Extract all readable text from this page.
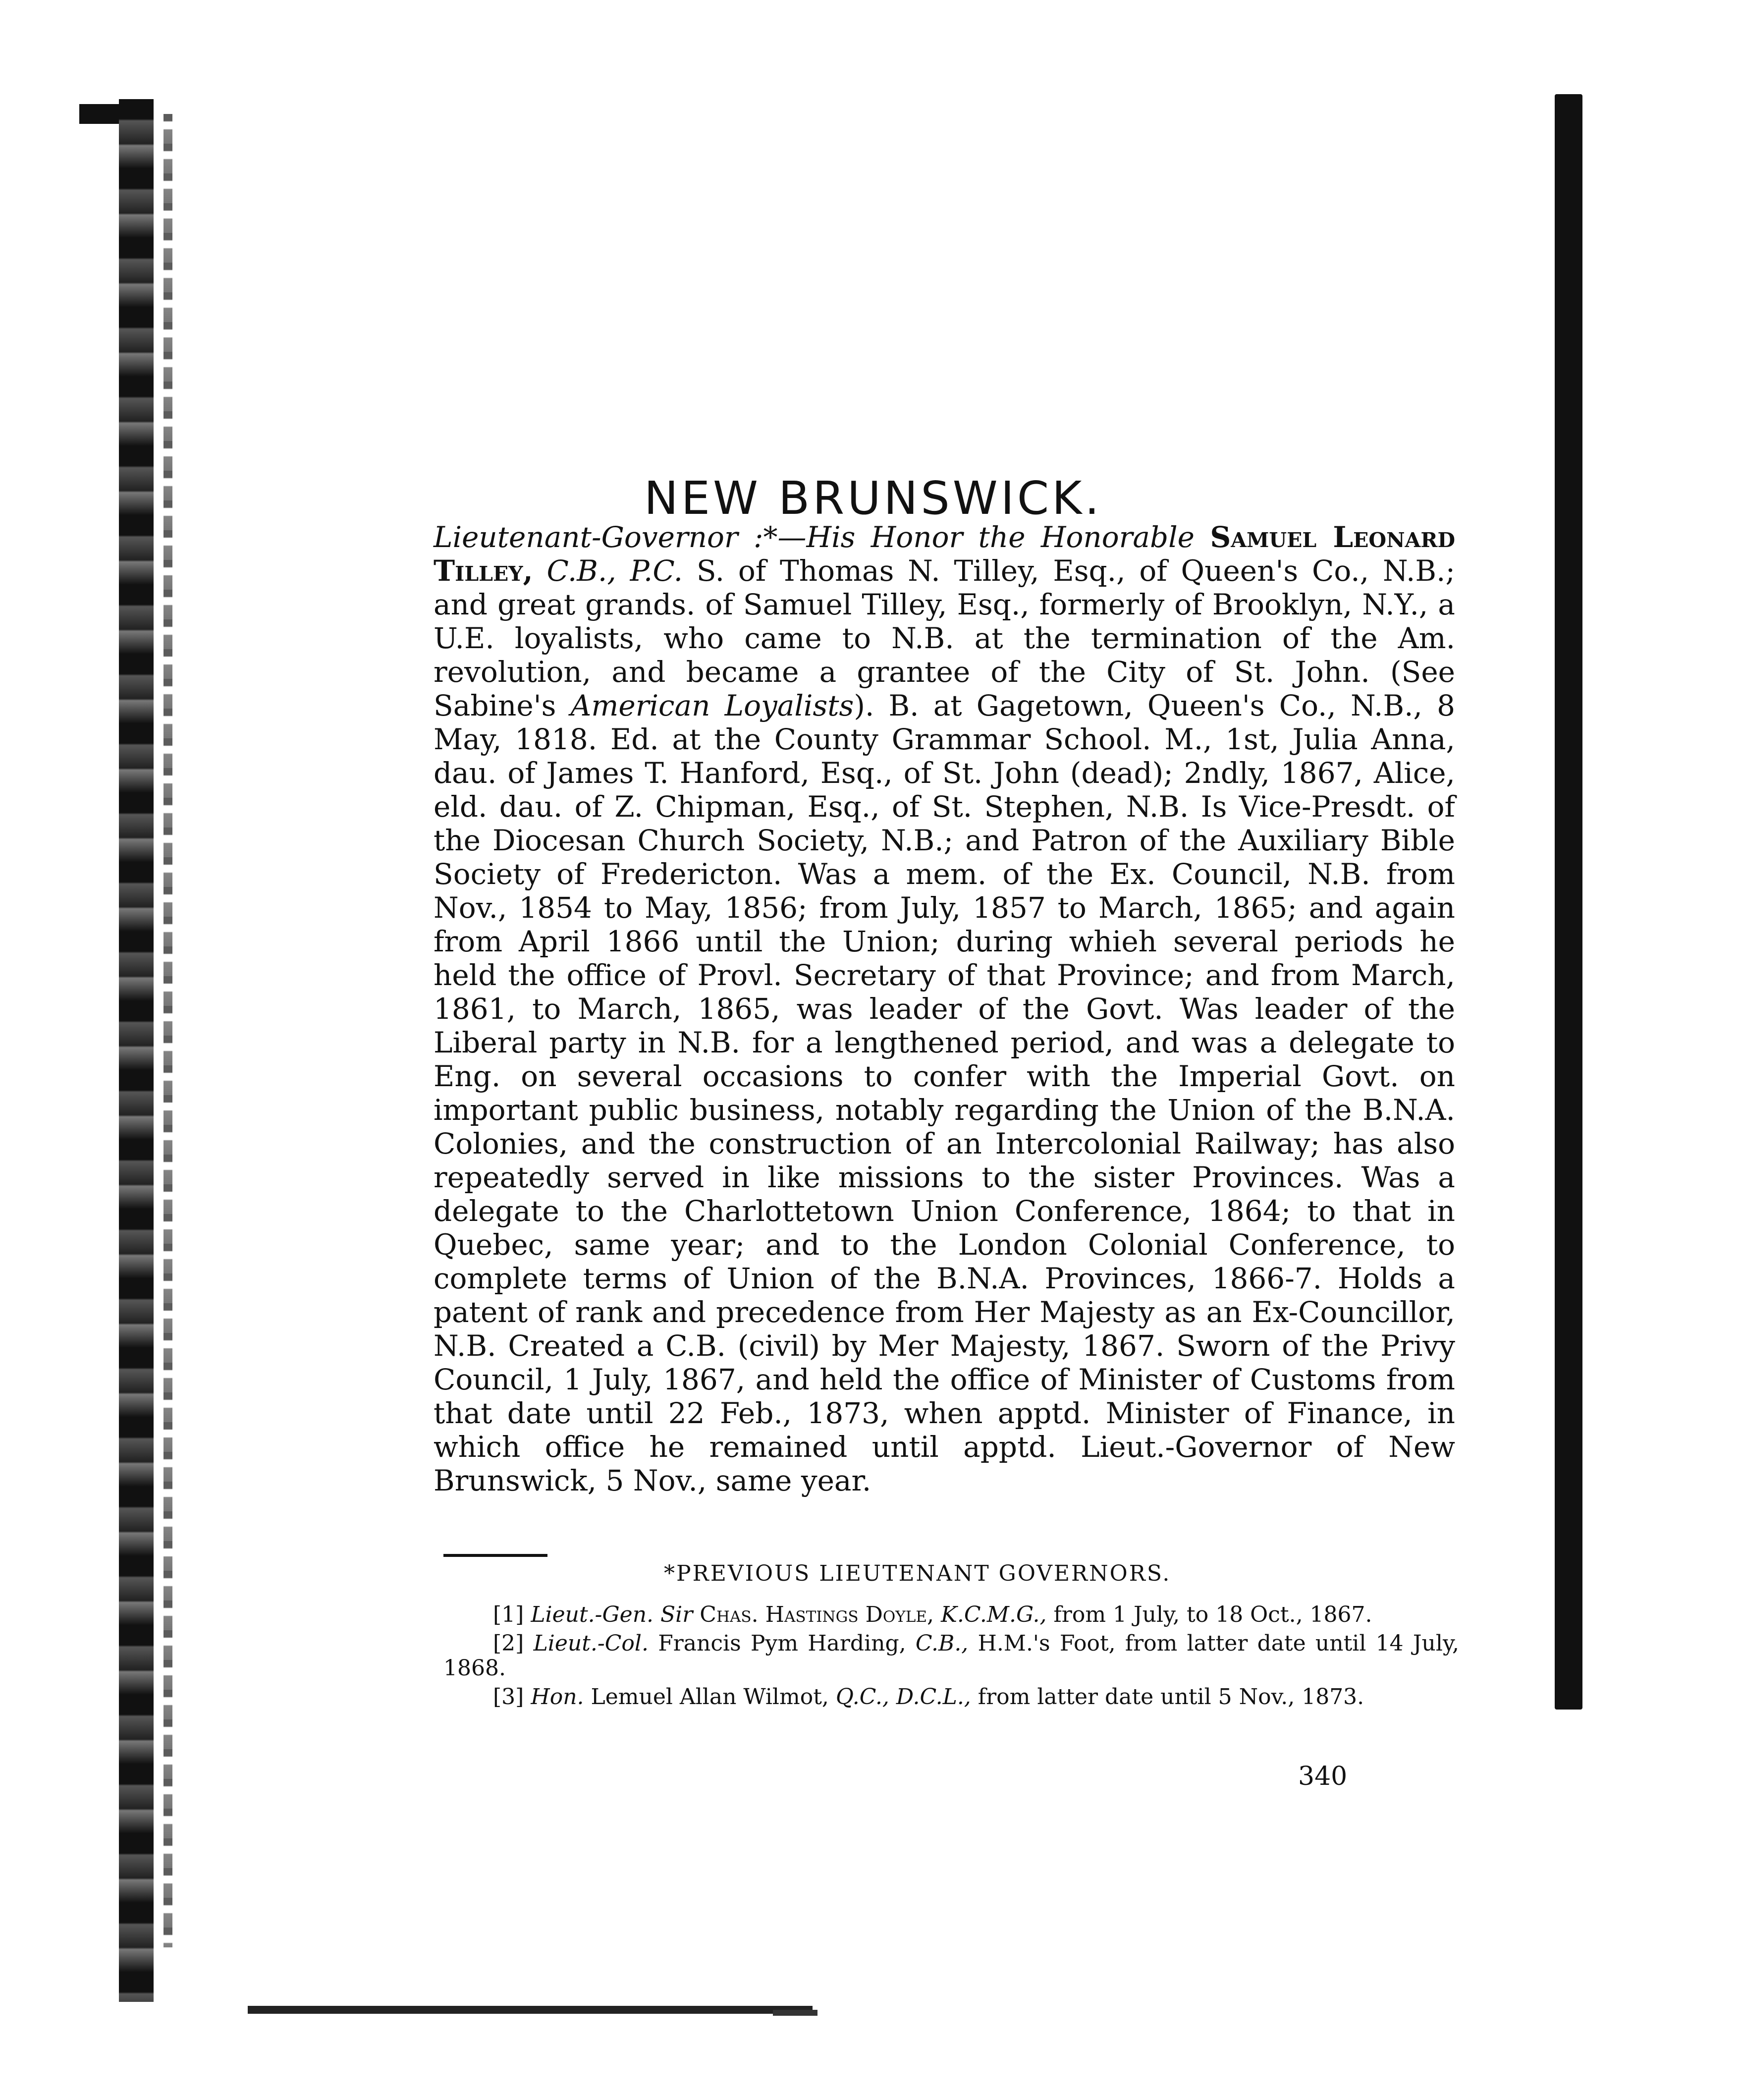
NEW BRUNSWICK.
Lieutenant-Governor :*—His Honor the Honorable Samuel Leonard Tilley, C.B., P.C. S. of Thomas N. Tilley, Esq., of Queen's Co., N.B.; and great grands. of Samuel Tilley, Esq., formerly of Brooklyn, N.Y., a U.E. loyalists, who came to N.B. at the termination of the Am. revolution, and became a grantee of the City of St. John. (See Sabine's American Loyalists). B. at Gagetown, Queen's Co., N.B., 8 May, 1818. Ed. at the County Grammar School. M., 1st, Julia Anna, dau. of James T. Hanford, Esq., of St. John (dead); 2ndly, 1867, Alice, eld. dau. of Z. Chipman, Esq., of St. Stephen, N.B. Is Vice-Presdt. of the Diocesan Church Society, N.B.; and Patron of the Auxiliary Bible Society of Fredericton. Was a mem. of the Ex. Council, N.B. from Nov., 1854 to May, 1856; from July, 1857 to March, 1865; and again from April 1866 until the Union; during whieh several periods he held the office of Provl. Secretary of that Province; and from March, 1861, to March, 1865, was leader of the Govt. Was leader of the Liberal party in N.B. for a lengthened period, and was a delegate to Eng. on several occasions to confer with the Imperial Govt. on important public business, notably regarding the Union of the B.N.A. Colonies, and the construction of an Intercolonial Railway; has also repeatedly served in like missions to the sister Provinces. Was a delegate to the Charlottetown Union Conference, 1864; to that in Quebec, same year; and to the London Colonial Conference, to complete terms of Union of the B.N.A. Provinces, 1866-7. Holds a patent of rank and precedence from Her Majesty as an Ex-Councillor, N.B. Created a C.B. (civil) by Mer Majesty, 1867. Sworn of the Privy Council, 1 July, 1867, and held the office of Minister of Customs from that date until 22 Feb., 1873, when apptd. Minister of Finance, in which office he remained until apptd. Lieut.-Governor of New Brunswick, 5 Nov., same year.
*PREVIOUS LIEUTENANT GOVERNORS.

[1] Lieut.-Gen. Sir Chas. Hastings Doyle, K.C.M.G., from 1 July, to 18 Oct., 1867.

[2] Lieut.-Col. Francis Pym Harding, C.B., H.M.'s Foot, from latter date until 14 July, 1868.

[3] Hon. Lemuel Allan Wilmot, Q.C., D.C.L., from latter date until 5 Nov., 1873.

340
